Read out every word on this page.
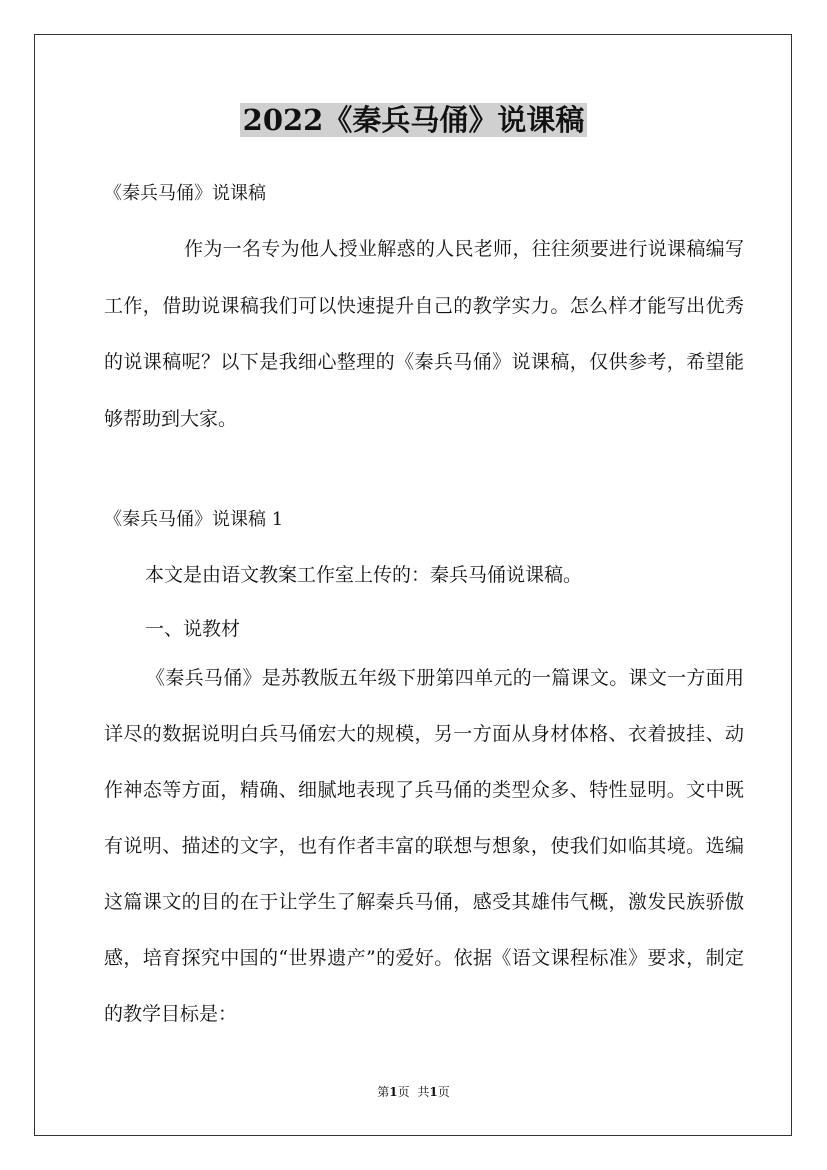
2022《秦兵马俑》说课稿
《秦兵马俑》说课稿

作为一名专为他人授业解惑的人民老师，往往须要进行说课稿编写工作，借助说课稿我们可以快速提升自己的教学实力。怎么样才能写出优秀的说课稿呢？以下是我细心整理的《秦兵马俑》说课稿，仅供参考，希望能够帮助到大家。

《秦兵马俑》说课稿 1
本文是由语文教案工作室上传的：秦兵马俑说课稿。
一、说教材

《秦兵马俑》是苏教版五年级下册第四单元的一篇课文。课文一方面用详尽的数据说明白兵马俑宏大的规模，另一方面从身材体格、衣着披挂、动作神态等方面，精确、细腻地表现了兵马俑的类型众多、特性显明。文中既有说明、描述的文字，也有作者丰富的联想与想象，使我们如临其境。选编这篇课文的目的在于让学生了解秦兵马俑，感受其雄伟气概，激发民族骄傲感，培育探究中国的“世界遗产”的爱好。依据《语文课程标准》要求，制定的教学目标是：

第1页 共1页
